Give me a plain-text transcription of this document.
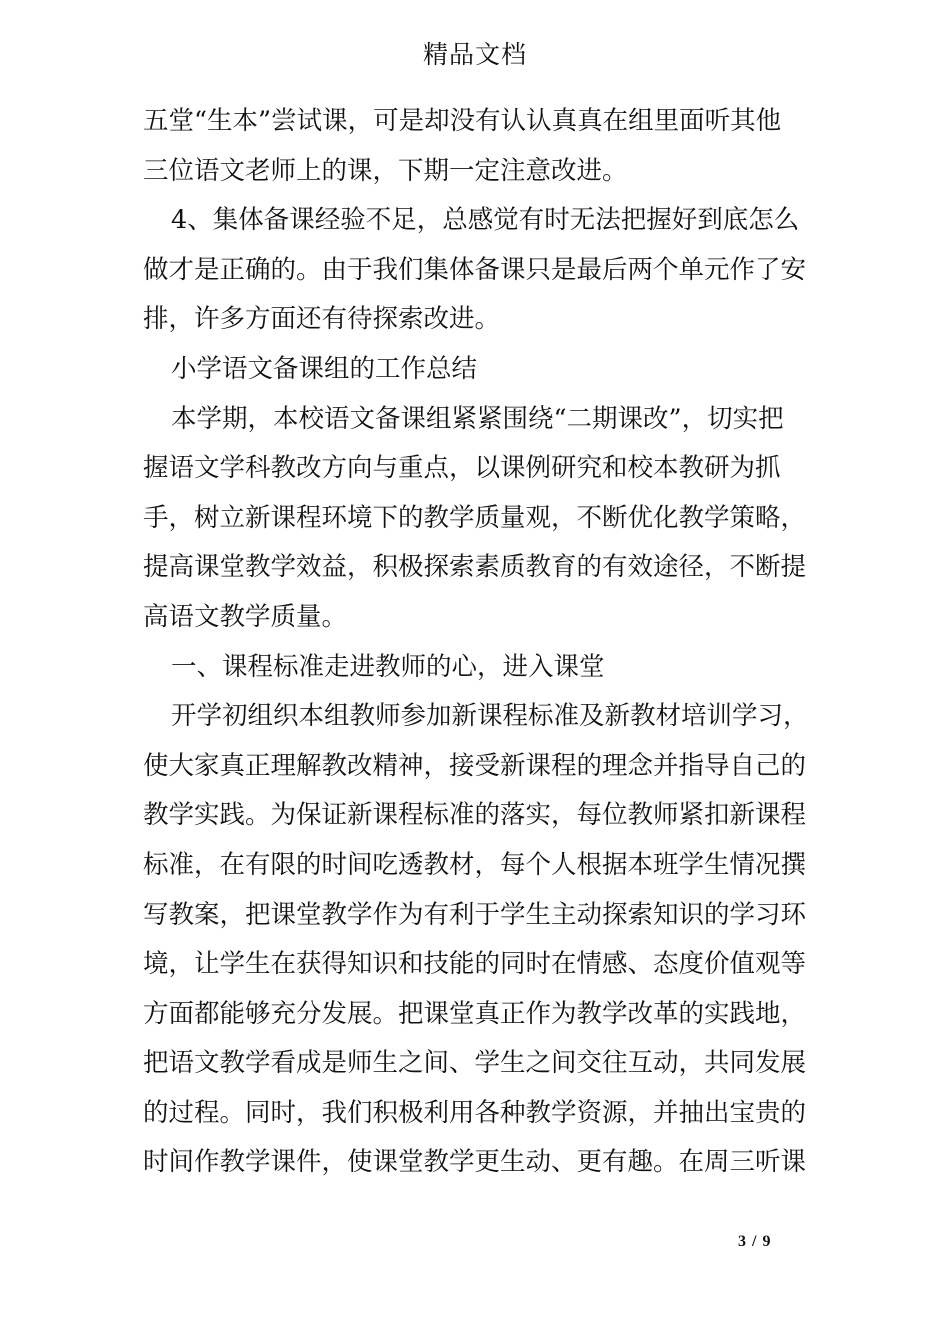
精品文档
五堂“生本”尝试课，可是却没有认认真真在组里面听其他
三位语文老师上的课，下期一定注意改进。
4、集体备课经验不足，总感觉有时无法把握好到底怎么
做才是正确的。由于我们集体备课只是最后两个单元作了安
排，许多方面还有待探索改进。
小学语文备课组的工作总结
本学期，本校语文备课组紧紧围绕“二期课改”，切实把
握语文学科教改方向与重点，以课例研究和校本教研为抓
手，树立新课程环境下的教学质量观，不断优化教学策略，
提高课堂教学效益，积极探索素质教育的有效途径，不断提
高语文教学质量。
一、课程标准走进教师的心，进入课堂
开学初组织本组教师参加新课程标准及新教材培训学习，
使大家真正理解教改精神，接受新课程的理念并指导自己的
教学实践。为保证新课程标准的落实，每位教师紧扣新课程
标准，在有限的时间吃透教材，每个人根据本班学生情况撰
写教案，把课堂教学作为有利于学生主动探索知识的学习环
境，让学生在获得知识和技能的同时在情感、态度价值观等
方面都能够充分发展。把课堂真正作为教学改革的实践地，
把语文教学看成是师生之间、学生之间交往互动，共同发展
的过程。同时，我们积极利用各种教学资源，并抽出宝贵的
时间作教学课件，使课堂教学更生动、更有趣。在周三听课
3 / 9
